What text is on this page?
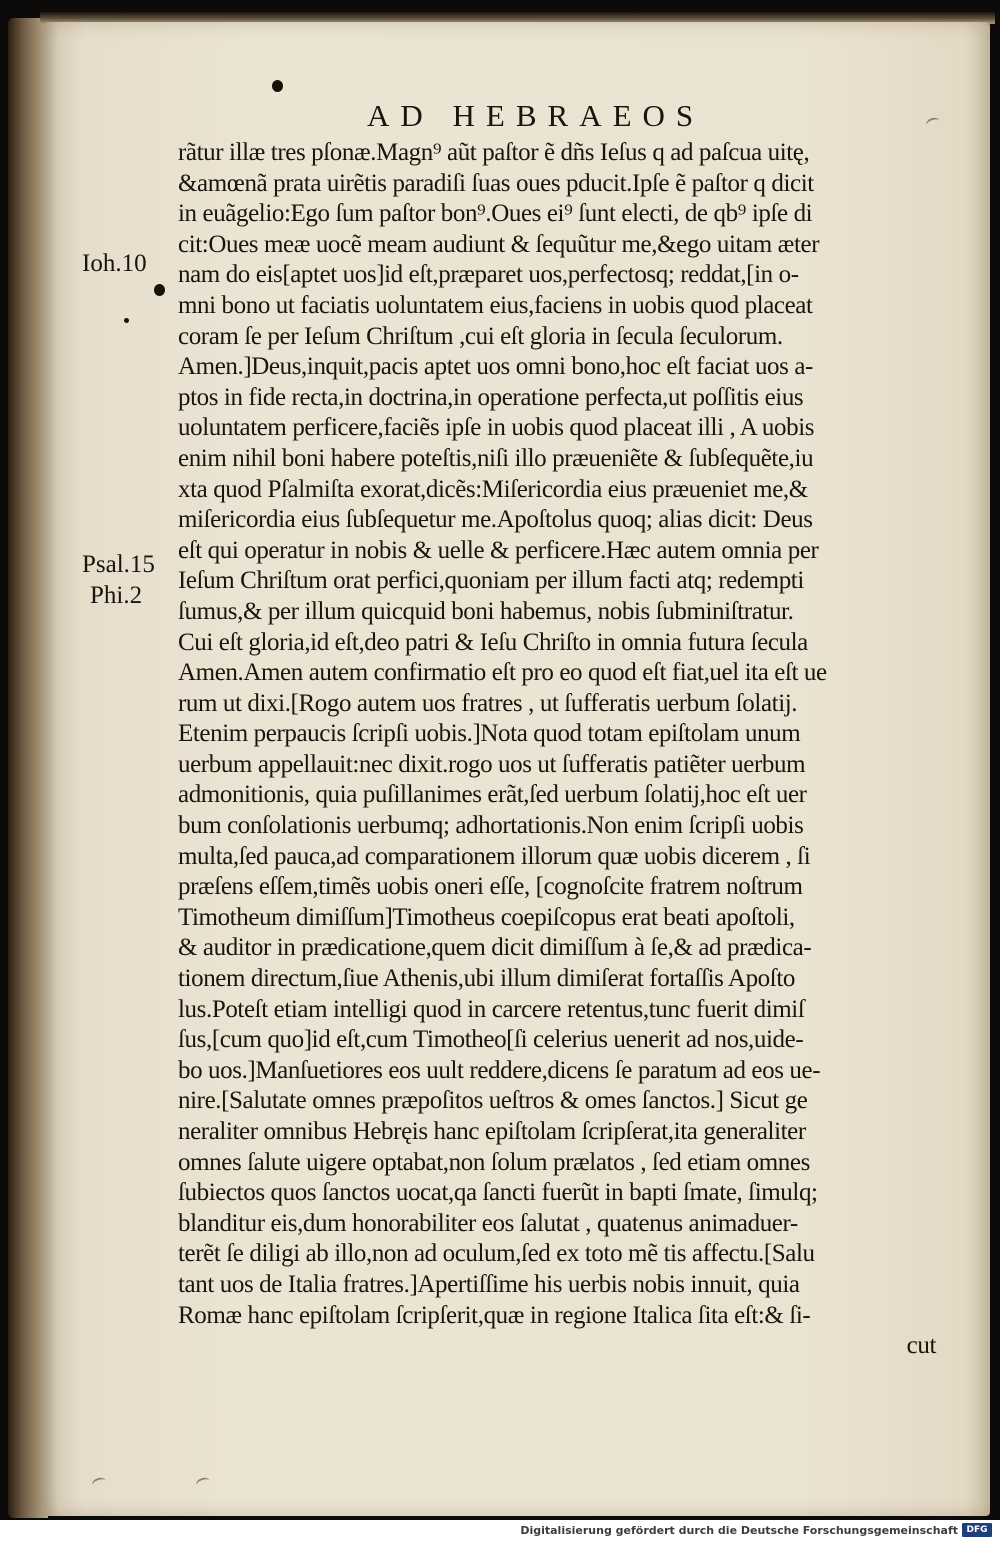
AD HEBRAEOS
Ioh.10
Psal.15
Phi.2
rãtur illæ tres pſonæ.Magn⁹ aũt paſtor ẽ dñs Ieſus q ad paſcua uitę,
&amœnã prata uirẽtis paradiſi ſuas oues pducit.Ipſe ẽ paſtor q dicit
in euãgelio:Ego ſum paſtor bon⁹.Oues ei⁹ ſunt electi, de qb⁹ ipſe di
cit:Oues meæ uocẽ meam audiunt & ſequũtur me,&ego uitam æter
nam do eis[aptet uos]id eſt,præparet uos,perfectosq; reddat,[in o-
mni bono ut faciatis uoluntatem eius,faciens in uobis quod placeat
coram ſe per Ieſum Chriſtum ,cui eſt gloria in ſecula ſeculorum.
Amen.]Deus,inquit,pacis aptet uos omni bono,hoc eſt faciat uos a-
ptos in fide recta,in doctrina,in operatione perfecta,ut poſſitis eius
uoluntatem perficere,faciẽs ipſe in uobis quod placeat illi , A uobis
enim nihil boni habere poteſtis,niſi illo præueniẽte & ſubſequẽte,iu
xta quod Pſalmiſta exorat,dicẽs:Miſericordia eius præueniet me,&
miſericordia eius ſubſequetur me.Apoſtolus quoq; alias dicit: Deus
eſt qui operatur in nobis & uelle & perficere.Hæc autem omnia per
Ieſum Chriſtum orat perfici,quoniam per illum facti atq; redempti
ſumus,& per illum quicquid boni habemus, nobis ſubminiſtratur.
Cui eſt gloria,id eſt,deo patri & Ieſu Chriſto in omnia futura ſecula
Amen.Amen autem confirmatio eſt pro eo quod eſt fiat,uel ita eſt ue
rum ut dixi.[Rogo autem uos fratres , ut ſufferatis uerbum ſolatij.
Etenim perpaucis ſcripſi uobis.]Nota quod totam epiſtolam unum
uerbum appellauit:nec dixit.rogo uos ut ſufferatis patiẽter uerbum
admonitionis, quia puſillanimes erãt,ſed uerbum ſolatij,hoc eſt uer
bum conſolationis uerbumq; adhortationis.Non enim ſcripſi uobis
multa,ſed pauca,ad comparationem illorum quæ uobis dicerem , ſi
præſens eſſem,timẽs uobis oneri eſſe, [cognoſcite fratrem noſtrum
Timotheum dimiſſum]Timotheus coepiſcopus erat beati apoſtoli,
& auditor in prædicatione,quem dicit dimiſſum à ſe,& ad prædica-
tionem directum,ſiue Athenis,ubi illum dimiſerat fortaſſis Apoſto
lus.Poteſt etiam intelligi quod in carcere retentus,tunc fuerit dimiſ
ſus,[cum quo]id eſt,cum Timotheo[ſi celerius uenerit ad nos,uide-
bo uos.]Manſuetiores eos uult reddere,dicens ſe paratum ad eos ue-
nire.[Salutate omnes præpoſitos ueſtros & omes ſanctos.] Sicut ge
neraliter omnibus Hebręis hanc epiſtolam ſcripſerat,ita generaliter
omnes ſalute uigere optabat,non ſolum prælatos , ſed etiam omnes
ſubiectos quos ſanctos uocat,qa ſancti fuerũt in bapti ſmate, ſimulq;
blanditur eis,dum honorabiliter eos ſalutat , quatenus animaduer-
terẽt ſe diligi ab illo,non ad oculum,ſed ex toto mẽ tis affectu.[Salu
tant uos de Italia fratres.]Apertiſſime his uerbis nobis innuit, quia
Romæ hanc epiſtolam ſcripſerit,quæ in regione Italica ſita eſt:& ſi-
cut
Digitalisierung gefördert durch die Deutsche Forschungsgemeinschaft DFG
